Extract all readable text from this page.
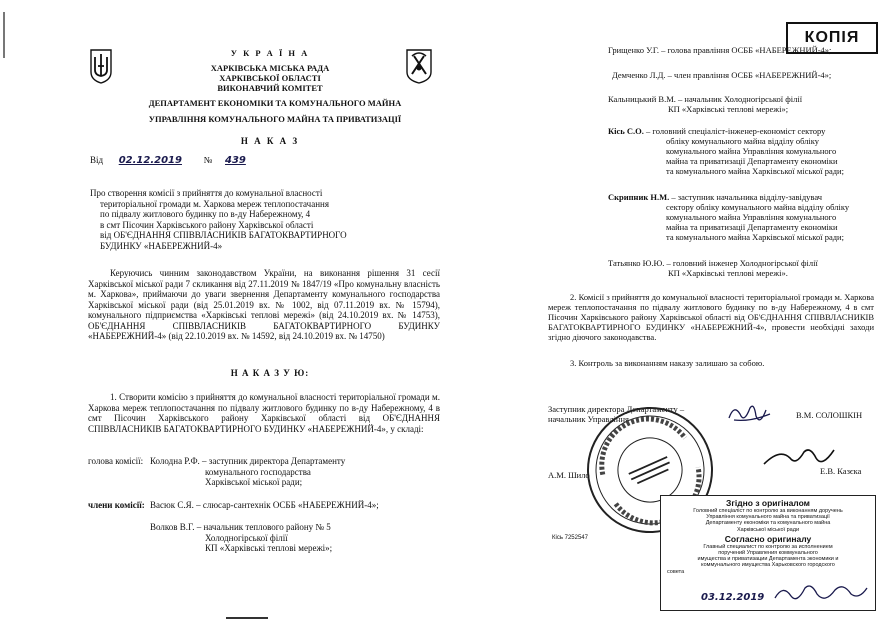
У К Р А Ї Н А
ХАРКІВСЬКА МІСЬКА РАДА
ХАРКІВСЬКОЇ ОБЛАСТІ
ВИКОНАВЧИЙ КОМІТЕТ
ДЕПАРТАМЕНТ ЕКОНОМІКИ ТА КОМУНАЛЬНОГО МАЙНА
УПРАВЛІННЯ КОМУНАЛЬНОГО МАЙНА ТА ПРИВАТИЗАЦІЇ
Н А К А З
Від 02.12.2019 № 439
Про створення комісії з прийняття до комунальної власності
територіальної громади м. Харкова мереж теплопостачання
по підвалу житлового будинку по в-ду Набережному, 4
в смт Пісочин Харківського району Харківської області
від ОБ'ЄДНАННЯ СПІВВЛАСНИКІВ БАГАТОКВАРТИРНОГО
БУДИНКУ «НАБЕРЕЖНИЙ-4»
Керуючись чинним законодавством України, на виконання рішення 31 сесії Харківської міської ради 7 скликання від 27.11.2019 № 1847/19 «Про комунальну власність м. Харкова», приймаючи до уваги звернення Департаменту комунального господарства Харківської міської ради (від 25.01.2019 вх. № 1002, від 07.11.2019 вх. № 15794), комунального підприємства «Харківські теплові мережі» (від 24.10.2019 вх. № 14753), ОБ'ЄДНАННЯ СПІВВЛАСНИКІВ БАГАТОКВАРТИРНОГО БУДИНКУ «НАБЕРЕЖНИЙ-4» (від 22.10.2019 вх. № 14592, від 24.10.2019 вх. № 14750)
Н А К А З У Ю:
1. Створити комісію з прийняття до комунальної власності територіальної громади м. Харкова мереж теплопостачання по підвалу житлового будинку по в-ду Набережному, 4 в смт Пісочин Харківського району Харківської області від ОБ'ЄДНАННЯ СПІВВЛАСНИКІВ БАГАТОКВАРТИРНОГО БУДИНКУ «НАБЕРЕЖНИЙ-4», у складі:
голова комісії: Колодна Р.Ф. – заступник директора Департаменту
комунального господарства
Харківської міської ради;
члени комісії: Васюк С.Я. – слюсар-сантехнік ОСББ «НАБЕРЕЖНИЙ-4»;
Волков В.Г. – начальник теплового району № 5
Холодногірської філії
КП «Харківські теплові мережі»;
КОПІЯ
Грищенко У.Г. – голова правління ОСББ «НАБЕРЕЖНИЙ-4»;
Демченко Л.Д. – член правління ОСББ «НАБЕРЕЖНИЙ-4»;
Кальницький В.М. – начальник Холодногірської філії
КП «Харківські теплові мережі»;
Кісь С.О. – головний спеціаліст-інженер-економіст сектору
обліку комунального майна відділу обліку
комунального майна Управління комунального
майна та приватизації Департаменту економіки
та комунального майна Харківської міської ради;
Скрипник Н.М. – заступник начальника відділу-завідувач
сектору обліку комунального майна відділу обліку
комунального майна Управління комунального
майна та приватизації Департаменту економіки
та комунального майна Харківської міської ради;
Татьянко Ю.Ю. – головний інженер Холодногірської філії
КП «Харківські теплові мережі».
2. Комісії з прийняття до комунальної власності територіальної громади м. Харкова мереж теплопостачання по підвалу житлового будинку по в-ду Набережному, 4 в смт Пісочин Харківського району Харківської області від ОБ'ЄДНАННЯ СПІВВЛАСНИКІВ БАГАТОКВАРТИРНОГО БУДИНКУ «НАБЕРЕЖНИЙ-4», провести необхідні заходи згідно діючого законодавства.
3. Контроль за виконанням наказу залишаю за собою.
Заступник директора Департаменту –
начальник Управління	В.М. СОЛОШКІН
А.М. Шило	Е.В. Казєка
Кісь 7252547
Згідно з оригіналом
Головний спеціаліст по контролю за виконанням доручень
Управління комунального майна та приватизації
Департаменту економіки та комунального майна
Харківської міської ради
Согласно оригиналу
Главный специалист по контролю за исполнением
поручений Управления коммунального
имущества и приватизации Департамента экономики и
коммунального имущества Харьковского городского
совета
03.12.2019
